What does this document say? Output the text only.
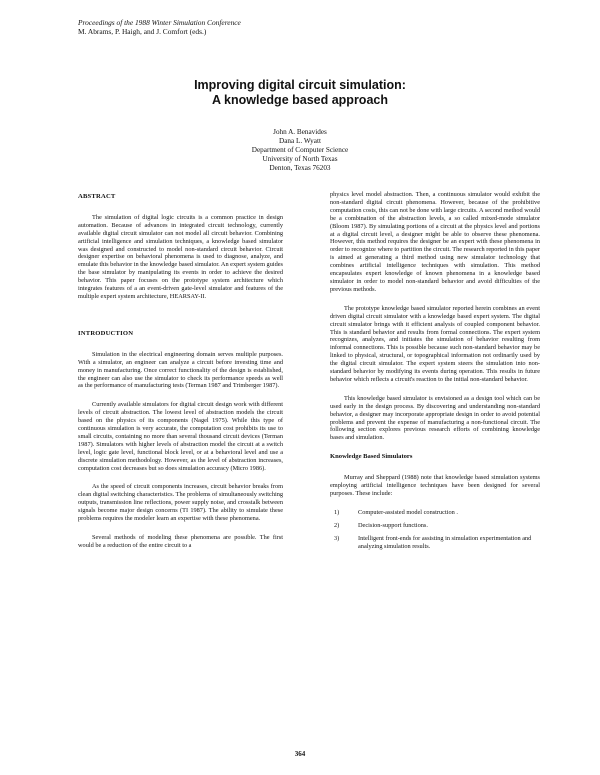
Proceedings of the 1988 Winter Simulation Conference
M. Abrams, P. Haigh, and J. Comfort (eds.)
Improving digital circuit simulation:
A knowledge based approach
John A. Benavides
Dana L. Wyatt
Department of Computer Science
University of North Texas
Denton, Texas 76203
ABSTRACT

The simulation of digital logic circuits is a common practice in design automation. Because of advances in integrated circuit technology, currently available digital circuit simulator can not model all circuit behavior. Combining artificial intelligence and simulation techniques, a knowledge based simulator was designed and constructed to model non-standard circuit behavior. Circuit designer expertise on behavioral phenomena is used to diagnose, analyze, and emulate this behavior in the knowledge based simulator. An expert system guides the base simulator by manipulating its events in order to achieve the desired behavior. This paper focuses on the prototype system architecture which integrates features of a an event-driven gate-level simulator and features of the multiple expert system architecture, HEARSAY-II.

INTRODUCTION

Simulation in the electrical engineering domain serves multiple purposes. With a simulator, an engineer can analyze a circuit before investing time and money in manufacturing. Once correct functionality of the design is established, the engineer can also use the simulator to check its performance speeds as well as the performance of manufacturing tests (Terman 1987 and Trimberger 1987).

Currently available simulators for digital circuit design work with different levels of circuit abstraction. The lowest level of abstraction models the circuit based on the physics of its components (Nagel 1975). While this type of continuous simulation is very accurate, the computation cost prohibits its use to small circuits, containing no more than several thousand circuit devices (Terman 1987). Simulators with higher levels of abstraction model the circuit at a switch level, logic gate level, functional block level, or at a behavioral level and use a discrete simulation methodology. However, as the level of abstraction increases, computation cost decreases but so does simulation accuracy (Micro 1986).

As the speed of circuit components increases, circuit behavior breaks from clean digital switching characteristics. The problems of simultaneously switching outputs, transmission line reflections, power supply noise, and crosstalk between signals become major design concerns (TI 1987). The ability to simulate these problems requires the modeler learn an expertise with these phenomena.

Several methods of modeling these phenomena are possible. The first would be a reduction of the entire circuit to a

physics level model abstraction. Then, a continuous simulator would exhibit the non-standard digital circuit phenomena. However, because of the prohibitive computation costs, this can not be done with large circuits. A second method would be a combination of the abstraction levels, a so called mixed-mode simulator (Bloom 1987). By simulating portions of a circuit at the physics level and portions at a digital circuit level, a designer might be able to observe these phenomena. However, this method requires the designer be an expert with these phenomena in order to recognize where to partition the circuit. The research reported in this paper is aimed at generating a third method using new simulator technology that combines artificial intelligence techniques with simulation. This method encapsulates expert knowledge of known phenomena in a knowledge based simulator in order to model non-standard behavior and avoid difficulties of the previous methods.

The prototype knowledge based simulator reported herein combines an event driven digital circuit simulator with a knowledge based expert system. The digital circuit simulator brings with it efficient analysis of coupled component behavior. This is standard behavior and results from formal connections. The expert system recognizes, analyzes, and initiates the simulation of behavior resulting from informal connections. This is possible because such non-standard behavior may be linked to physical, structural, or topographical information not ordinarily used by the digital circuit simulator. The expert system steers the simulation into non-standard behavior by modifying its events during operation. This results in future behavior which reflects a circuit's reaction to the initial non-standard behavior.

This knowledge based simulator is envisioned as a design tool which can be used early in the design process. By discovering and understanding non-standard behavior, a designer may incorporate appropriate design in order to avoid potential problems and prevent the expense of manufacturing a non-functional circuit. The following section explores previous research efforts of combining knowledge bases and simulation.

Knowledge Based Simulators

Murray and Sheppard (1988) note that knowledge based simulation systems employing artificial intelligence techniques have been designed for several purposes. These include:

1)	Computer-assisted model construction .
2)	Decision-support functions.
3)	Intelligent front-ends for assisting in simulation experimentation and analyzing simulation results.
364
